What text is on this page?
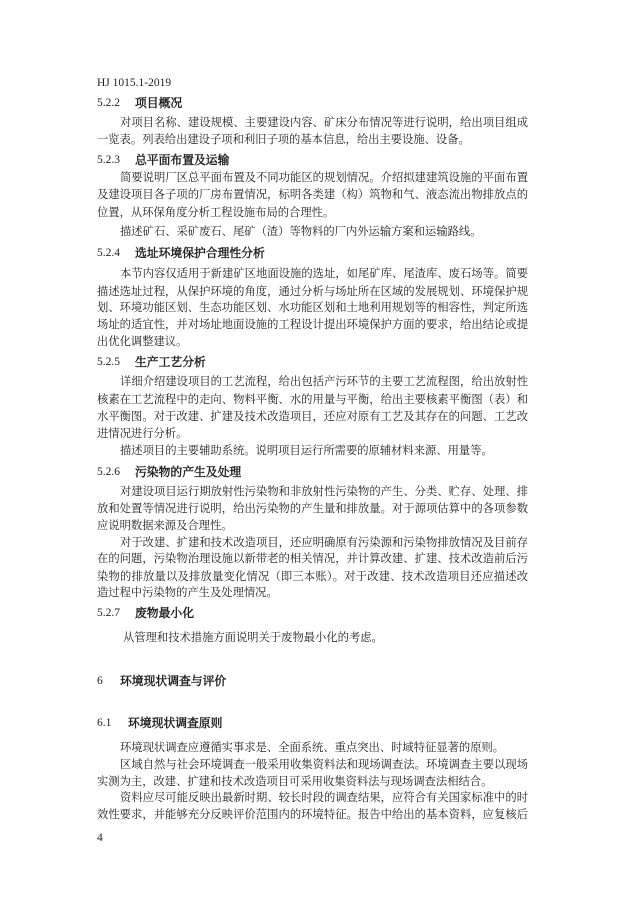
HJ 1015.1-2019
5.2.2 项目概况
对项目名称、建设规模、主要建设内容、矿床分布情况等进行说明，给出项目组成
一览表。列表给出建设子项和利旧子项的基本信息，给出主要设施、设备。
5.2.3 总平面布置及运输
简要说明厂区总平面布置及不同功能区的规划情况。介绍拟建建筑设施的平面布置
及建设项目各子项的厂房布置情况，标明各类建（构）筑物和气、液态流出物排放点的
位置，从环保角度分析工程设施布局的合理性。
描述矿石、采矿废石、尾矿（渣）等物料的厂内外运输方案和运输路线。
5.2.4 选址环境保护合理性分析
本节内容仅适用于新建矿区地面设施的选址，如尾矿库、尾渣库、废石场等。简要
描述选址过程，从保护环境的角度，通过分析与场址所在区域的发展规划、环境保护规
划、环境功能区划、生态功能区划、水功能区划和土地利用规划等的相容性，判定所选
场址的适宜性，并对场址地面设施的工程设计提出环境保护方面的要求，给出结论或提
出优化调整建议。
5.2.5 生产工艺分析
详细介绍建设项目的工艺流程，给出包括产污环节的主要工艺流程图，给出放射性
核素在工艺流程中的走向、物料平衡、水的用量与平衡，给出主要核素平衡图（表）和
水平衡图。对于改建、扩建及技术改造项目，还应对原有工艺及其存在的问题、工艺改
进情况进行分析。
描述项目的主要辅助系统。说明项目运行所需要的原辅材料来源、用量等。
5.2.6 污染物的产生及处理
对建设项目运行期放射性污染物和非放射性污染物的产生、分类、贮存、处理、排
放和处置等情况进行说明，给出污染物的产生量和排放量。对于源项估算中的各项参数
应说明数据来源及合理性。
对于改建、扩建和技术改造项目，还应明确原有污染源和污染物排放情况及目前存
在的问题，污染物治理设施以新带老的相关情况，并计算改建、扩建、技术改造前后污
染物的排放量以及排放量变化情况（即三本账）。对于改建、技术改造项目还应描述改
造过程中污染物的产生及处理情况。
5.2.7 废物最小化
从管理和技术措施方面说明关于废物最小化的考虑。
6 环境现状调查与评价
6.1 环境现状调查原则
环境现状调查应遵循实事求是、全面系统、重点突出、时域特征显著的原则。
区域自然与社会环境调查一般采用收集资料法和现场调查法。环境调查主要以现场
实测为主，改建、扩建和技术改造项目可采用收集资料法与现场调查法相结合。
资料应尽可能反映出最新时期、较长时段的调查结果，应符合有关国家标准中的时
效性要求，并能够充分反映评价范围内的环境特征。报告中给出的基本资料，应复核后
4
